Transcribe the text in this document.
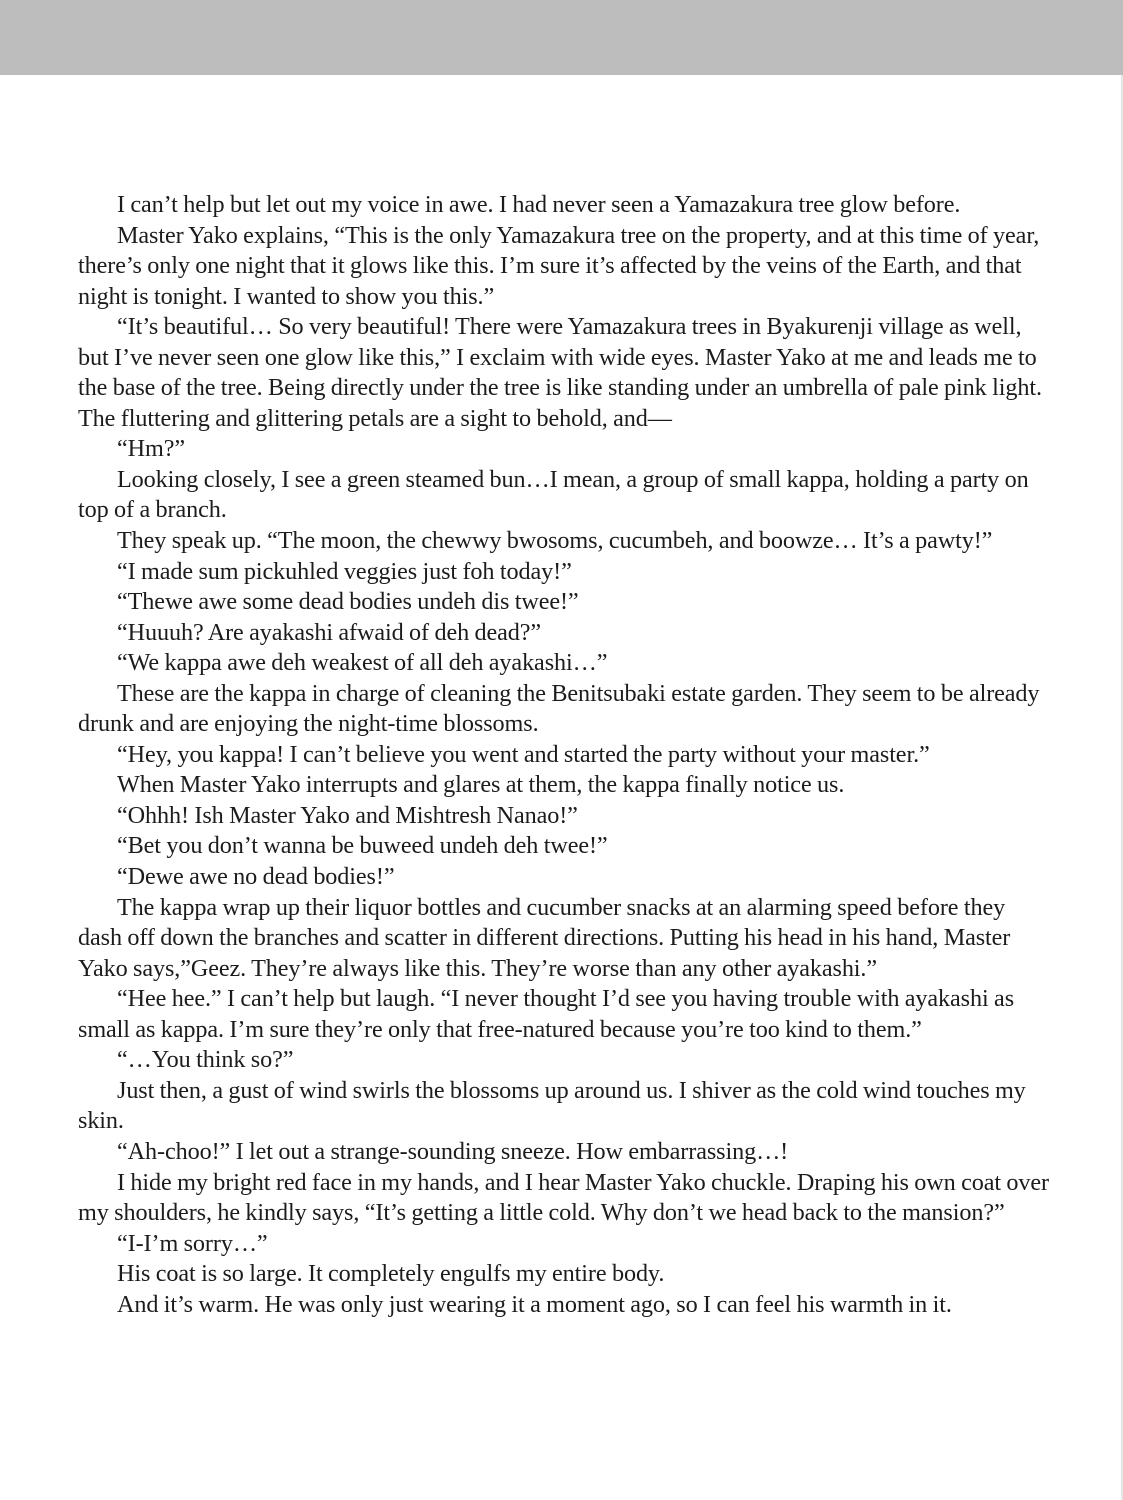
I can’t help but let out my voice in awe. I had never seen a Yamazakura tree glow before.

Master Yako explains, “This is the only Yamazakura tree on the property, and at this time of year, there’s only one night that it glows like this. I’m sure it’s affected by the veins of the Earth, and that night is tonight. I wanted to show you this.”

“It’s beautiful… So very beautiful! There were Yamazakura trees in Byakurenji village as well, but I’ve never seen one glow like this,” I exclaim with wide eyes. Master Yako at me and leads me to the base of the tree. Being directly under the tree is like standing under an umbrella of pale pink light. The fluttering and glittering petals are a sight to behold, and—

“Hm?”

Looking closely, I see a green steamed bun…I mean, a group of small kappa, holding a party on top of a branch.

They speak up. “The moon, the chewwy bwosoms, cucumbeh, and boowze… It’s a pawty!”

“I made sum pickuhled veggies just foh today!”

“Thewe awe some dead bodies undeh dis twee!”

“Huuuh? Are ayakashi afwaid of deh dead?”

“We kappa awe deh weakest of all deh ayakashi…”

These are the kappa in charge of cleaning the Benitsubaki estate garden. They seem to be already drunk and are enjoying the night-time blossoms.

“Hey, you kappa! I can’t believe you went and started the party without your master.”

When Master Yako interrupts and glares at them, the kappa finally notice us.

“Ohhh! Ish Master Yako and Mishtresh Nanao!”

“Bet you don’t wanna be buweed undeh deh twee!”

“Dewe awe no dead bodies!”

The kappa wrap up their liquor bottles and cucumber snacks at an alarming speed before they dash off down the branches and scatter in different directions. Putting his head in his hand, Master Yako says,”Geez. They’re always like this. They’re worse than any other ayakashi.”

“Hee hee.” I can’t help but laugh. “I never thought I’d see you having trouble with ayakashi as small as kappa. I’m sure they’re only that free-natured because you’re too kind to them.”

“…You think so?”

Just then, a gust of wind swirls the blossoms up around us. I shiver as the cold wind touches my skin.

“Ah-choo!” I let out a strange-sounding sneeze. How embarrassing…!

I hide my bright red face in my hands, and I hear Master Yako chuckle. Draping his own coat over my shoulders, he kindly says, “It’s getting a little cold. Why don’t we head back to the mansion?”

“I-I’m sorry…”

His coat is so large. It completely engulfs my entire body.

And it’s warm. He was only just wearing it a moment ago, so I can feel his warmth in it.
